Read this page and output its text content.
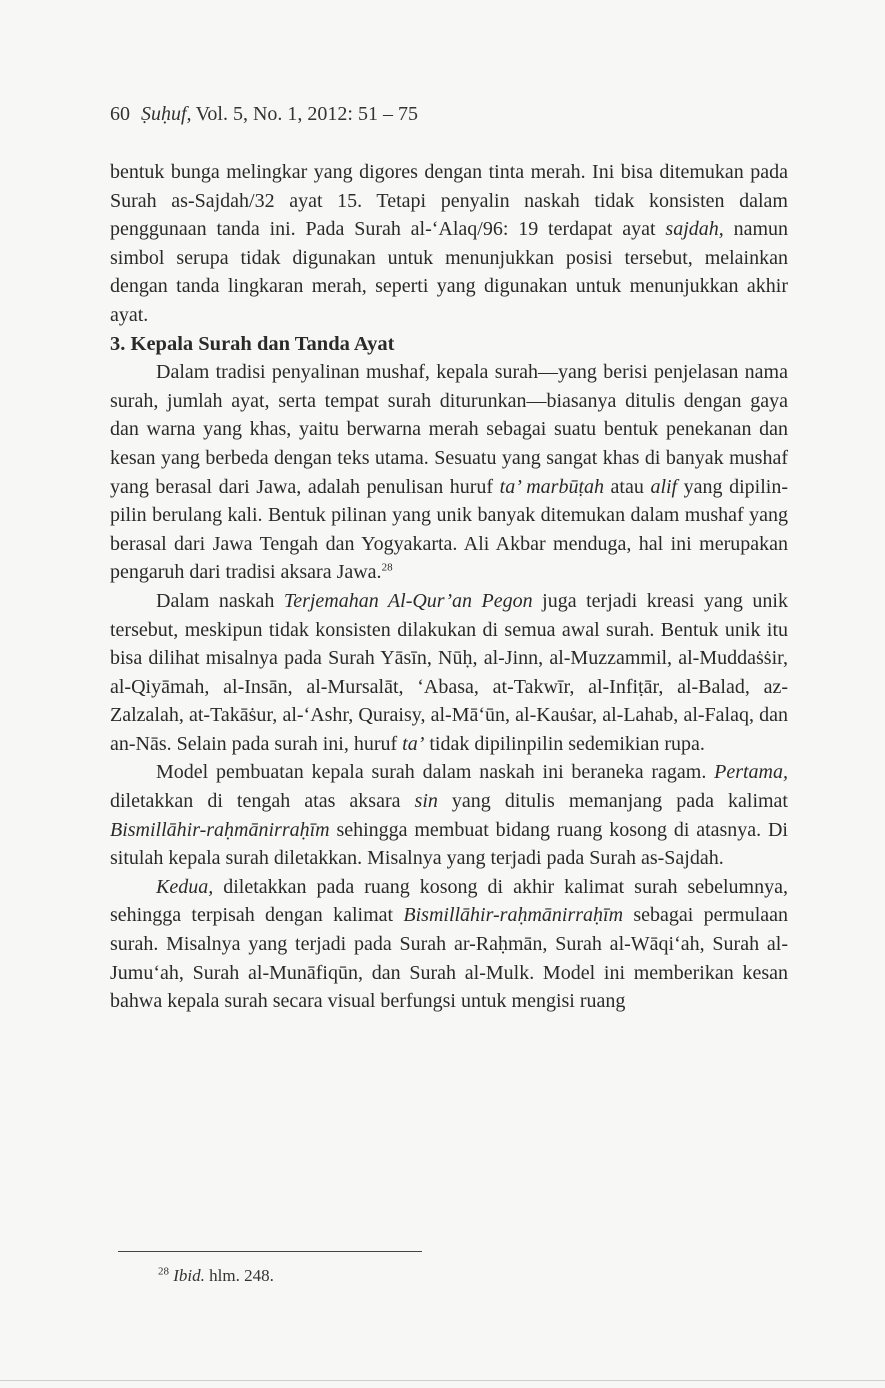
60 Ṣuḥuf, Vol. 5, No. 1, 2012: 51 – 75

bentuk bunga melingkar yang digores dengan tinta merah. Ini bisa ditemukan pada Surah as-Sajdah/32 ayat 15. Tetapi penyalin naskah tidak konsisten dalam penggunaan tanda ini. Pada Surah al-‘Alaq/96: 19 terdapat ayat sajdah, namun simbol serupa tidak digunakan untuk menunjukkan posisi tersebut, melainkan dengan tanda lingkaran merah, seperti yang digunakan untuk menunjukkan akhir ayat.

3. Kepala Surah dan Tanda Ayat

Dalam tradisi penyalinan mushaf, kepala surah—yang berisi penjelasan nama surah, jumlah ayat, serta tempat surah diturunkan—biasanya ditulis dengan gaya dan warna yang khas, yaitu berwarna merah sebagai suatu bentuk penekanan dan kesan yang berbeda dengan teks utama. Sesuatu yang sangat khas di banyak mushaf yang berasal dari Jawa, adalah penulisan huruf ta’ marbūṭah atau alif yang dipilin-pilin berulang kali. Bentuk pilinan yang unik banyak ditemukan dalam mushaf yang berasal dari Jawa Tengah dan Yogyakarta. Ali Akbar menduga, hal ini merupakan pengaruh dari tradisi aksara Jawa.$^{28}$

Dalam naskah Terjemahan Al-Qur’an Pegon juga terjadi kreasi yang unik tersebut, meskipun tidak konsisten dilakukan di semua awal surah. Bentuk unik itu bisa dilihat misalnya pada Surah Yāsīn, Nūḥ, al-Jinn, al-Muzzammil, al-Muddaṡṡir, al-Qiyāmah, al-Insān, al-Mursalāt, ‘Abasa, at-Takwīr, al-Infiṭār, al-Balad, az-Zalzalah, at-Takāṡur, al-‘Ashr, Quraisy, al-Mā‘ūn, al-Kauṡar, al-Lahab, al-Falaq, dan an-Nās. Selain pada surah ini, huruf ta’ tidak dipilinpilin sedemikian rupa.

Model pembuatan kepala surah dalam naskah ini beraneka ragam. Pertama, diletakkan di tengah atas aksara sin yang ditulis memanjang pada kalimat Bismillāhir-raḥmānirraḥīm sehingga membuat bidang ruang kosong di atasnya. Di situlah kepala surah diletakkan. Misalnya yang terjadi pada Surah as-Sajdah.

Kedua, diletakkan pada ruang kosong di akhir kalimat surah sebelumnya, sehingga terpisah dengan kalimat Bismillāhir-raḥmānirraḥīm sebagai permulaan surah. Misalnya yang terjadi pada Surah ar-Raḥmān, Surah al-Wāqi‘ah, Surah al-Jumu‘ah, Surah al-Munāfiqūn, dan Surah al-Mulk. Model ini memberikan kesan bahwa kepala surah secara visual berfungsi untuk mengisi ruang

$^{28}$ Ibid. hlm. 248.
